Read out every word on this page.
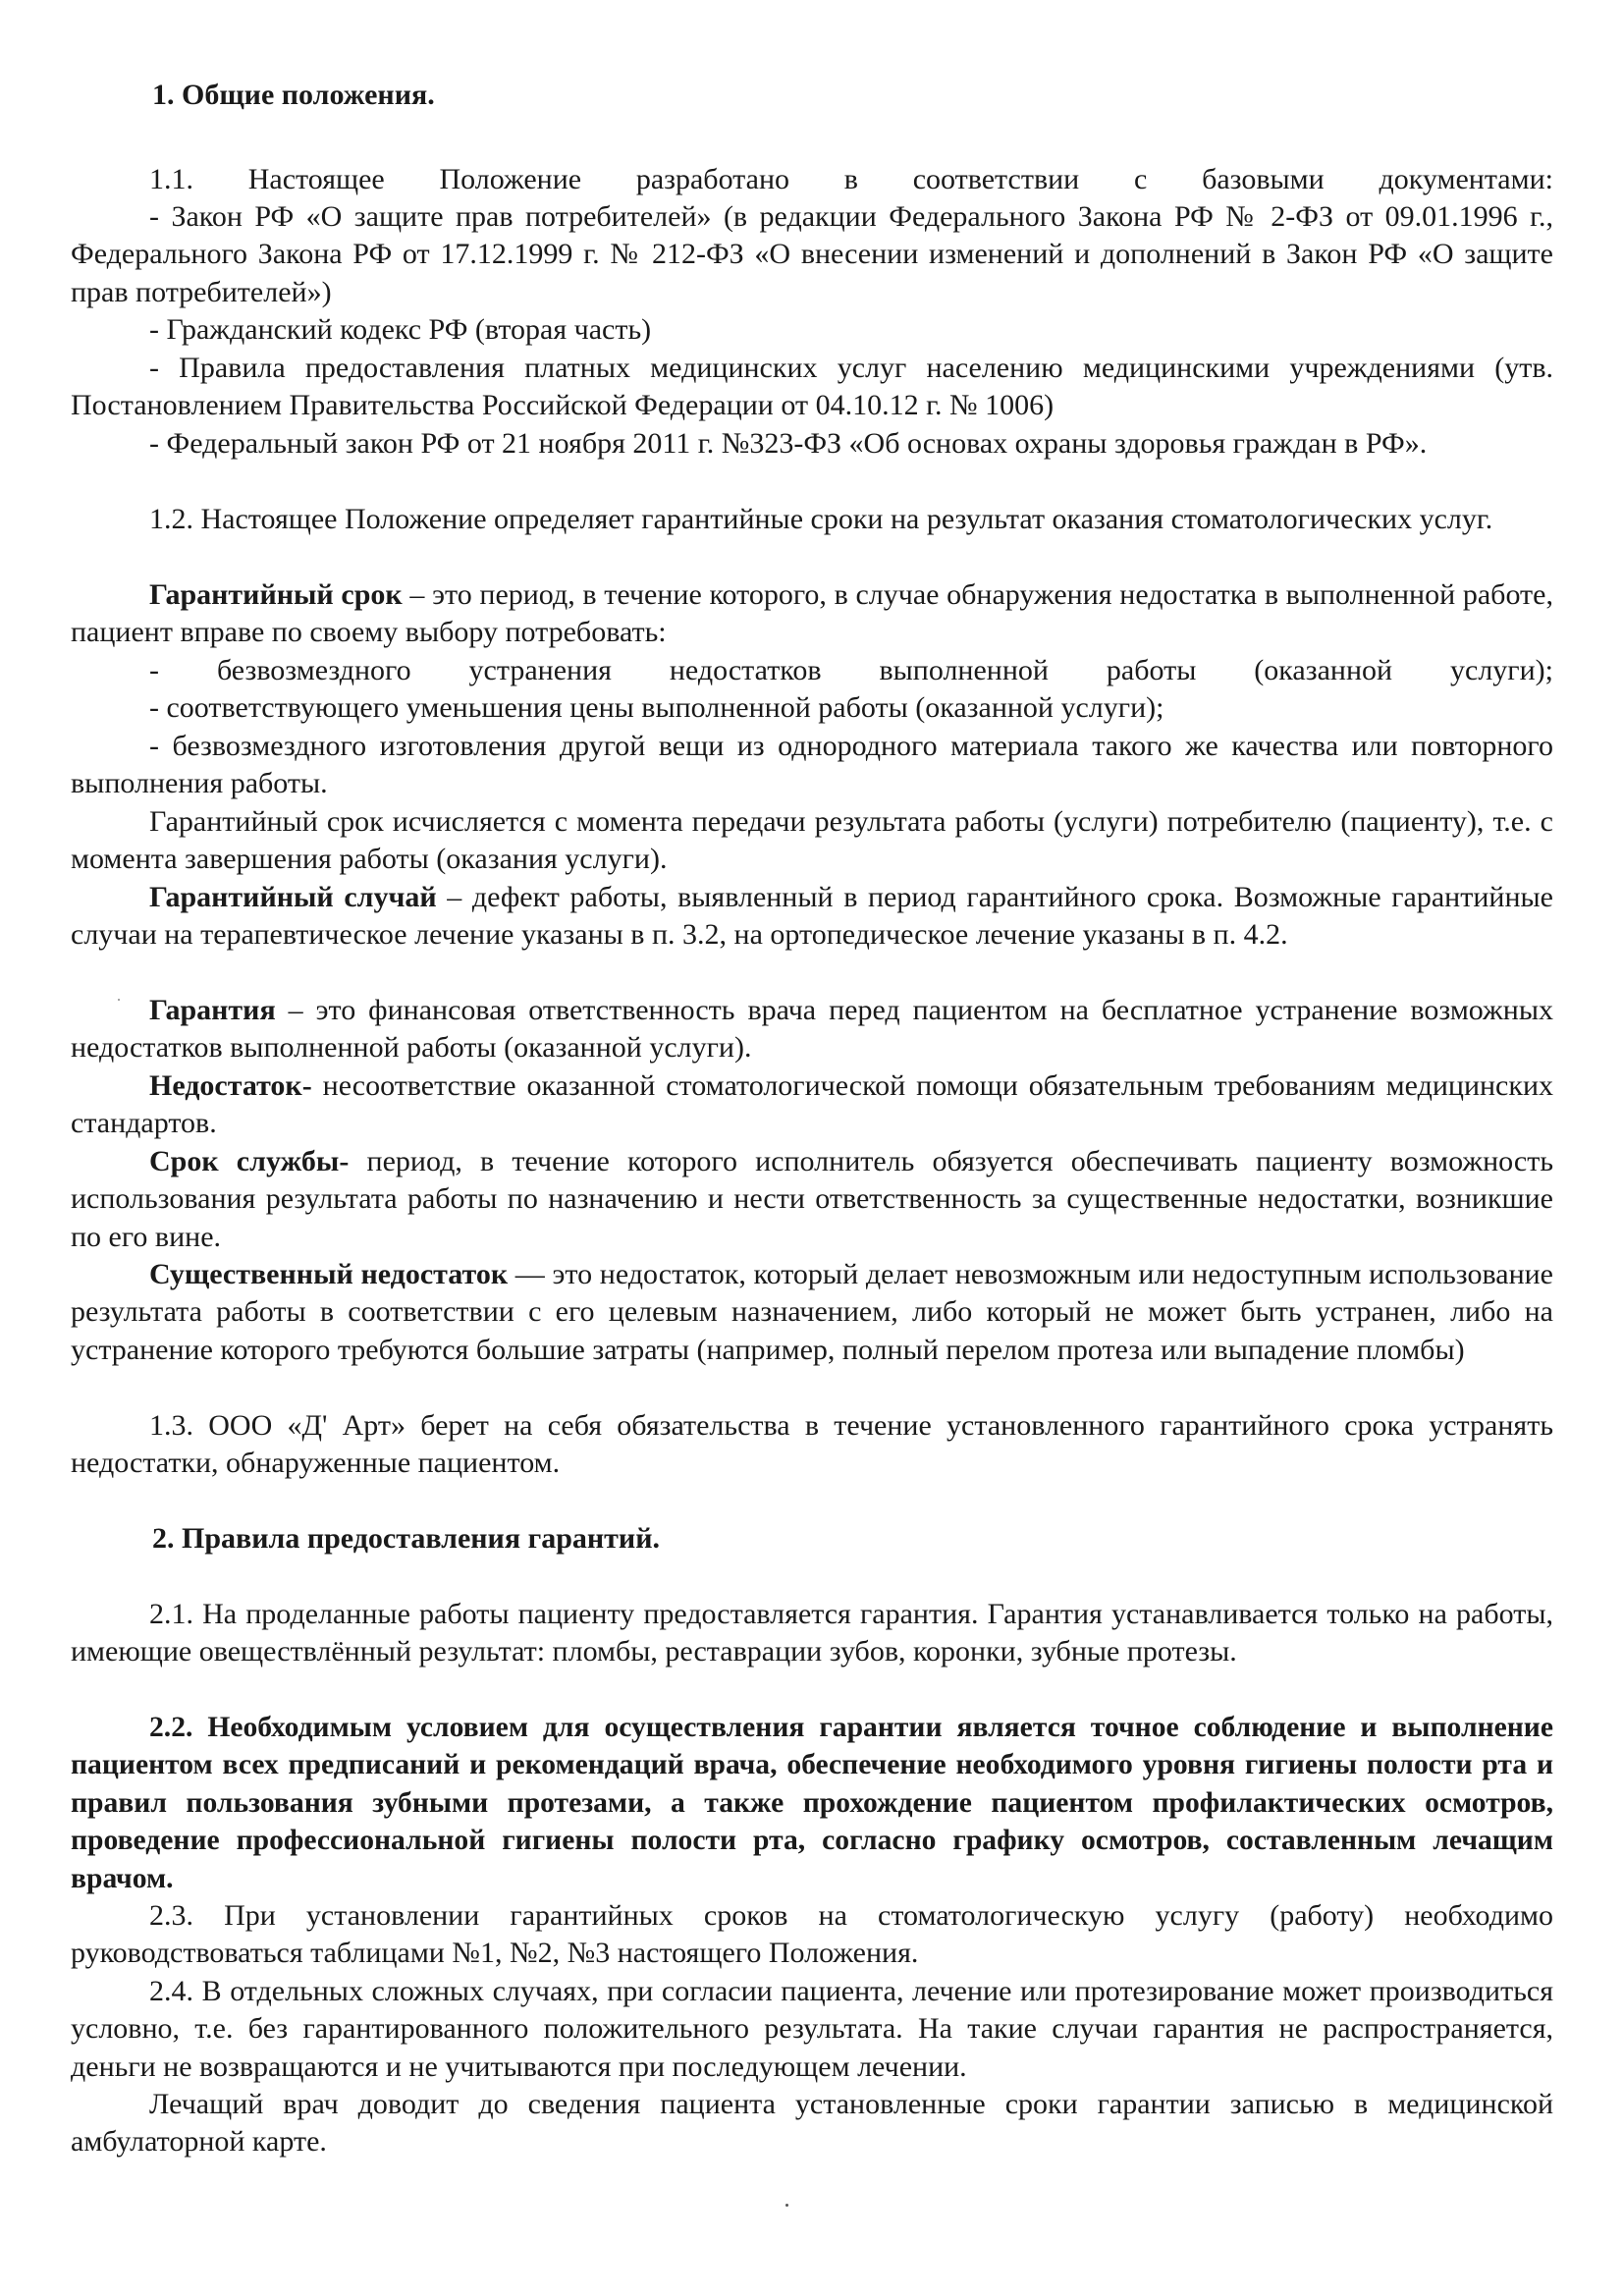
1. Общие положения.
1.1. Настоящее Положение разработано в соответствии с базовыми документами:
- Закон РФ «О защите прав потребителей» (в редакции Федерального Закона РФ № 2-ФЗ от 09.01.1996 г., Федерального Закона РФ от 17.12.1999 г. № 212-ФЗ «О внесении изменений и дополнений в Закон РФ «О защите прав потребителей»)
- Гражданский кодекс РФ (вторая часть)
- Правила предоставления платных медицинских услуг населению медицинскими учреждениями (утв. Постановлением Правительства Российской Федерации от 04.10.12 г. № 1006)
- Федеральный закон РФ от 21 ноября 2011 г. №323-ФЗ «Об основах охраны здоровья граждан в РФ».
1.2. Настоящее Положение определяет гарантийные сроки на результат оказания стоматологических услуг.
Гарантийный срок – это период, в течение которого, в случае обнаружения недостатка в выполненной работе, пациент вправе по своему выбору потребовать:
- безвозмездного устранения недостатков выполненной работы (оказанной услуги);
- соответствующего уменьшения цены выполненной работы (оказанной услуги);
- безвозмездного изготовления другой вещи из однородного материала такого же качества или повторного выполнения работы.
Гарантийный срок исчисляется с момента передачи результата работы (услуги) потребителю (пациенту), т.е. с момента завершения работы (оказания услуги).
Гарантийный случай – дефект работы, выявленный в период гарантийного срока. Возможные гарантийные случаи на терапевтическое лечение указаны в п. 3.2, на ортопедическое лечение указаны в п. 4.2.
Гарантия – это финансовая ответственность врача перед пациентом на бесплатное устранение возможных недостатков выполненной работы (оказанной услуги).
Недостаток- несоответствие оказанной стоматологической помощи обязательным требованиям медицинских стандартов.
Срок службы- период, в течение которого исполнитель обязуется обеспечивать пациенту возможность использования результата работы по назначению и нести ответственность за существенные недостатки, возникшие по его вине.
Существенный недостаток — это недостаток, который делает невозможным или недоступным использование результата работы в соответствии с его целевым назначением, либо который не может быть устранен, либо на устранение которого требуются большие затраты (например, полный перелом протеза или выпадение пломбы)
1.3. ООО «Д' Арт» берет на себя обязательства в течение установленного гарантийного срока устранять недостатки, обнаруженные пациентом.
2. Правила предоставления гарантий.
2.1. На проделанные работы пациенту предоставляется гарантия. Гарантия устанавливается только на работы, имеющие овеществлённый результат: пломбы, реставрации зубов, коронки, зубные протезы.
2.2. Необходимым условием для осуществления гарантии является точное соблюдение и выполнение пациентом всех предписаний и рекомендаций врача, обеспечение необходимого уровня гигиены полости рта и правил пользования зубными протезами, а также прохождение пациентом профилактических осмотров, проведение профессиональной гигиены полости рта, согласно графику осмотров, составленным лечащим врачом.
2.3. При установлении гарантийных сроков на стоматологическую услугу (работу) необходимо руководствоваться таблицами №1, №2, №3 настоящего Положения.
2.4. В отдельных сложных случаях, при согласии пациента, лечение или протезирование может производиться условно, т.е. без гарантированного положительного результата. На такие случаи гарантия не распространяется, деньги не возвращаются и не учитываются при последующем лечении.
Лечащий врач доводит до сведения пациента установленные сроки гарантии записью в медицинской амбулаторной карте.
